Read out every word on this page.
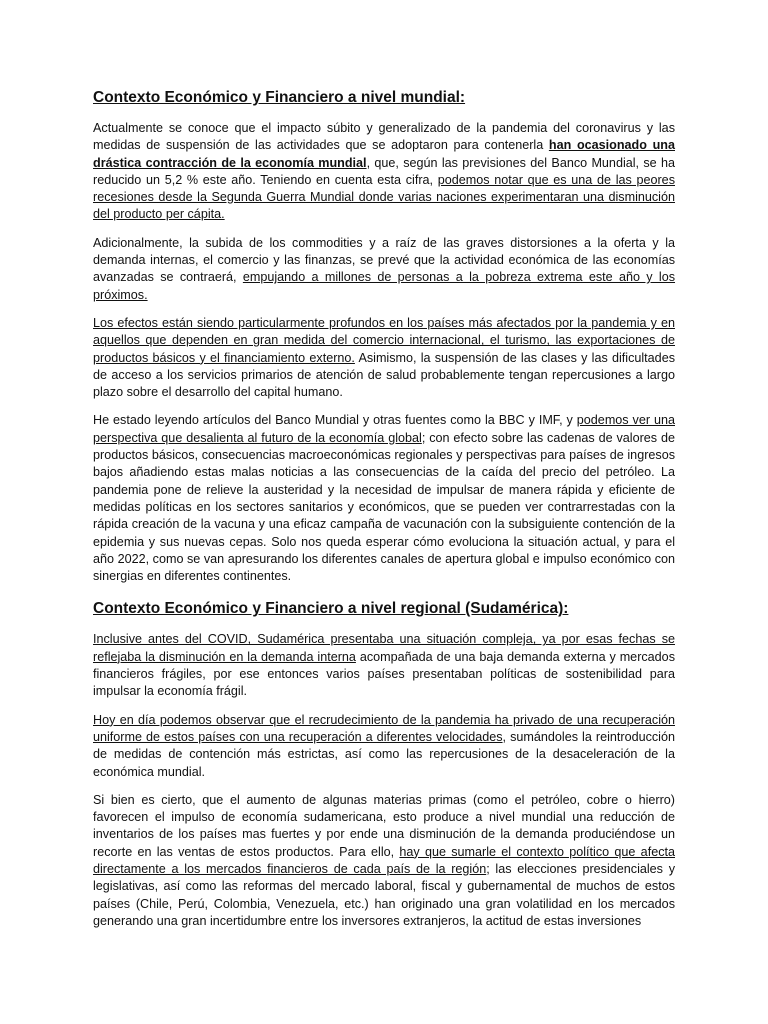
Contexto Económico y Financiero a nivel mundial:

Actualmente se conoce que el impacto súbito y generalizado de la pandemia del coronavirus y las medidas de suspensión de las actividades que se adoptaron para contenerla han ocasionado una drástica contracción de la economía mundial, que, según las previsiones del Banco Mundial, se ha reducido un 5,2 % este año. Teniendo en cuenta esta cifra, podemos notar que es una de las peores recesiones desde la Segunda Guerra Mundial donde varias naciones experimentaran una disminución del producto per cápita.

Adicionalmente, la subida de los commodities y a raíz de las graves distorsiones a la oferta y la demanda internas, el comercio y las finanzas, se prevé que la actividad económica de las economías avanzadas se contraerá, empujando a millones de personas a la pobreza extrema este año y los próximos.

Los efectos están siendo particularmente profundos en los países más afectados por la pandemia y en aquellos que dependen en gran medida del comercio internacional, el turismo, las exportaciones de productos básicos y el financiamiento externo. Asimismo, la suspensión de las clases y las dificultades de acceso a los servicios primarios de atención de salud probablemente tengan repercusiones a largo plazo sobre el desarrollo del capital humano.

He estado leyendo artículos del Banco Mundial y otras fuentes como la BBC y IMF, y podemos ver una perspectiva que desalienta al futuro de la economía global; con efecto sobre las cadenas de valores de productos básicos, consecuencias macroeconómicas regionales y perspectivas para países de ingresos bajos añadiendo estas malas noticias a las consecuencias de la caída del precio del petróleo. La pandemia pone de relieve la austeridad y la necesidad de impulsar de manera rápida y eficiente de medidas políticas en los sectores sanitarios y económicos, que se pueden ver contrarrestadas con la rápida creación de la vacuna y una eficaz campaña de vacunación con la subsiguiente contención de la epidemia y sus nuevas cepas. Solo nos queda esperar cómo evoluciona la situación actual, y para el año 2022, como se van apresurando los diferentes canales de apertura global e impulso económico con sinergias en diferentes continentes.

Contexto Económico y Financiero a nivel regional (Sudamérica):

Inclusive antes del COVID, Sudamérica presentaba una situación compleja, ya por esas fechas se reflejaba la disminución en la demanda interna acompañada de una baja demanda externa y mercados financieros frágiles, por ese entonces varios países presentaban políticas de sostenibilidad para impulsar la economía frágil.

Hoy en día podemos observar que el recrudecimiento de la pandemia ha privado de una recuperación uniforme de estos países con una recuperación a diferentes velocidades, sumándoles la reintroducción de medidas de contención más estrictas, así como las repercusiones de la desaceleración de la económica mundial.

Si bien es cierto, que el aumento de algunas materias primas (como el petróleo, cobre o hierro) favorecen el impulso de economía sudamericana, esto produce a nivel mundial una reducción de inventarios de los países mas fuertes y por ende una disminución de la demanda produciéndose un recorte en las ventas de estos productos. Para ello, hay que sumarle el contexto político que afecta directamente a los mercados financieros de cada país de la región; las elecciones presidenciales y legislativas, así como las reformas del mercado laboral, fiscal y gubernamental de muchos de estos países (Chile, Perú, Colombia, Venezuela, etc.) han originado una gran volatilidad en los mercados generando una gran incertidumbre entre los inversores extranjeros, la actitud de estas inversiones
